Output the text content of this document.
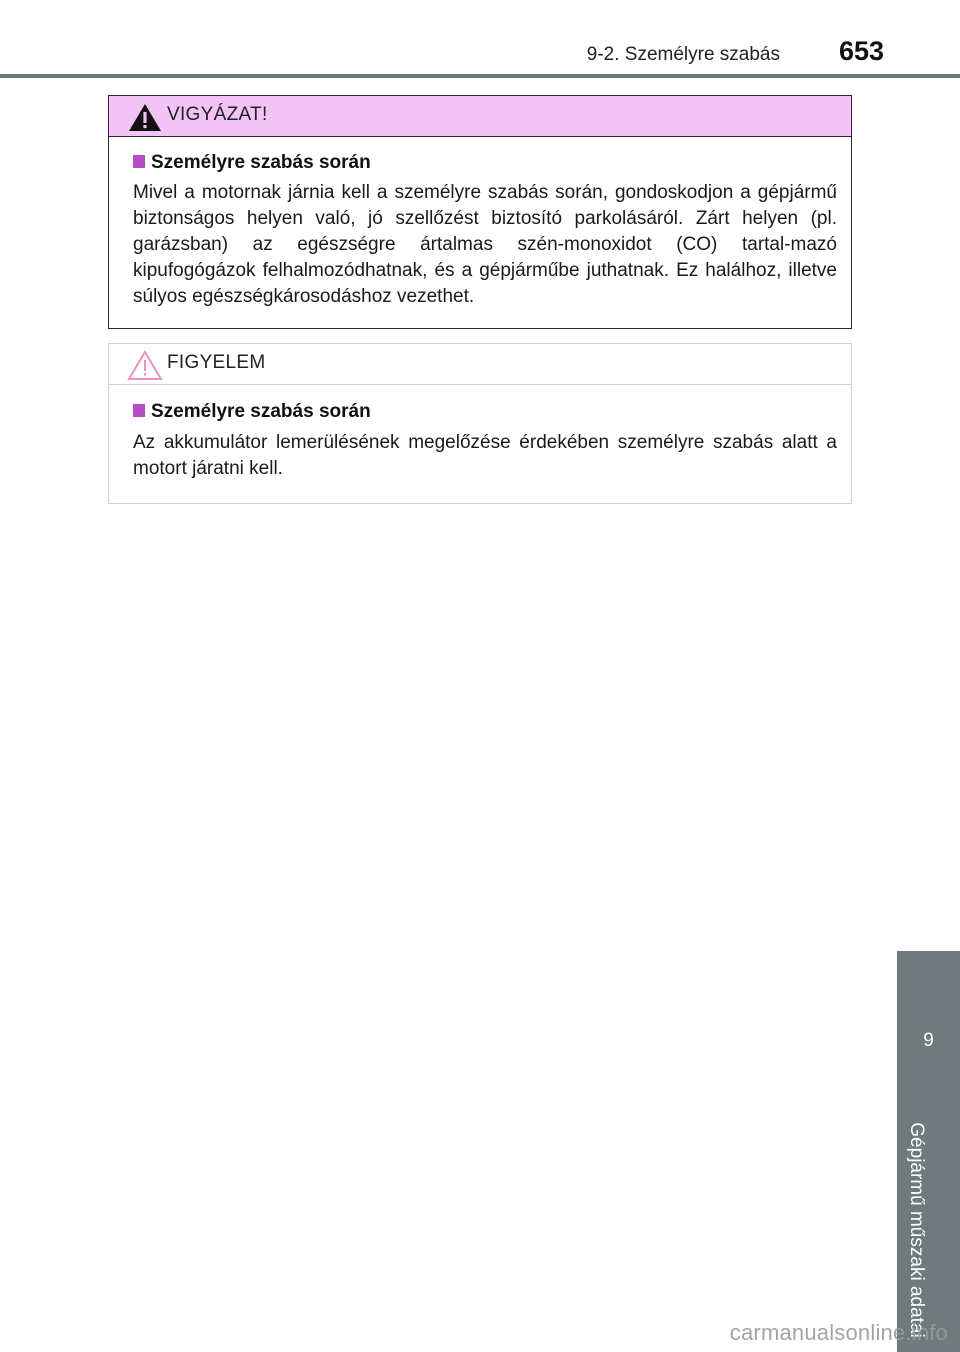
9-2. Személyre szabás 653
VIGYÁZAT!
Személyre szabás során
Mivel a motornak járnia kell a személyre szabás során, gondoskodjon a gépjármű biztonságos helyen való, jó szellőzést biztosító parkolásáról. Zárt helyen (pl. garázsban) az egészségre ártalmas szén-monoxidot (CO) tartal-mazó kipufogógázok felhalmozódhatnak, és a gépjárműbe juthatnak. Ez halálhoz, illetve súlyos egészségkárosodáshoz vezethet.
FIGYELEM
Személyre szabás során
Az akkumulátor lemerülésének megelőzése érdekében személyre szabás alatt a motort járatni kell.
9
Gépjármű műszaki adatai
carmanualsonline.info
